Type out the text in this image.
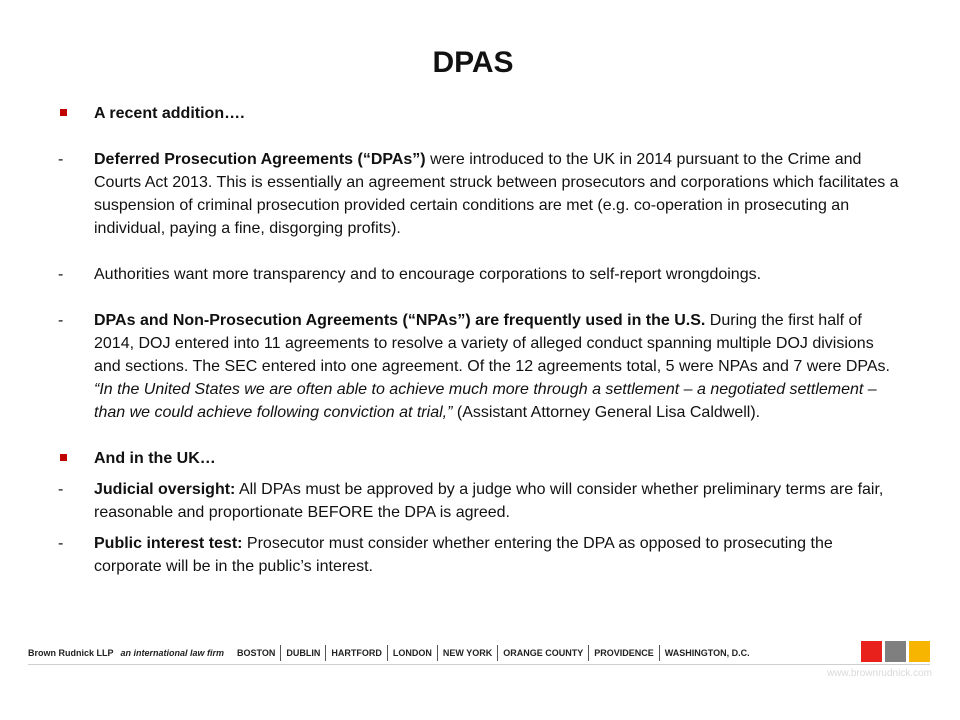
DPAS
A recent addition….
-	Deferred Prosecution Agreements (“DPAs”) were introduced to the UK in 2014 pursuant to the Crime and Courts Act 2013. This is essentially an agreement struck between prosecutors and corporations which facilitates a suspension of criminal prosecution provided certain conditions are met (e.g. co-operation in prosecuting an individual, paying a fine, disgorging profits).
-	Authorities want more transparency and to encourage corporations to self-report wrongdoings.
-	DPAs and Non-Prosecution Agreements (“NPAs”) are frequently used in the U.S. During the first half of 2014, DOJ entered into 11 agreements to resolve a variety of alleged conduct spanning multiple DOJ divisions and sections. The SEC entered into one agreement. Of the 12 agreements total, 5 were NPAs and 7 were DPAs. “In the United States we are often able to achieve much more through a settlement – a negotiated settlement – than we could achieve following conviction at trial,” (Assistant Attorney General Lisa Caldwell).
And in the UK…
-	Judicial oversight: All DPAs must be approved by a judge who will consider whether preliminary terms are fair, reasonable and proportionate BEFORE the DPA is agreed.
-	Public interest test: Prosecutor must consider whether entering the DPA as opposed to prosecuting the corporate will be in the public’s interest.
Brown Rudnick LLP an international law firm	BOSTON	DUBLIN	HARTFORD	LONDON	NEW YORK	ORANGE COUNTY	PROVIDENCE	WASHINGTON, D.C.
www.brownrudnick.com
